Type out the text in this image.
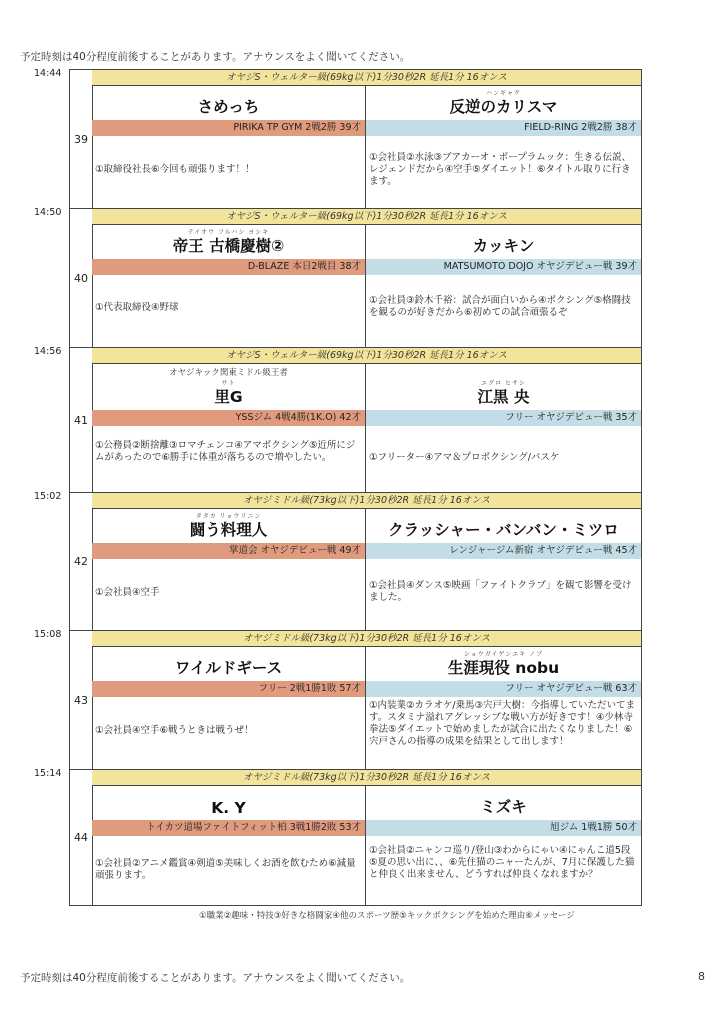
予定時刻は40分程度前後することがあります。アナウンスをよく聞いてください。
14:44
39
オヤジS・ウェルター級(69kg以下)1分30秒2R 延長1分 16オンス
さめっち
PIRIKA TP GYM 2戦2勝 39才
①取締役社長⑥今回も頑張ります！！
ハンギャク
反逆のカリスマ
FIELD-RING 2戦2勝 38才
①会社員②水泳③ブアカーオ・ポープラムック：生きる伝説、レジェンドだから④空手⑤ダイエット！⑥タイトル取りに行きます。
14:50
40
オヤジS・ウェルター級(69kg以下)1分30秒2R 延長1分 16オンス
テイオウ フルハシ ヨシキ
帝王 古橋慶樹②
D-BLAZE 本日2戦目 38才
①代表取締役④野球
カッキン
MATSUMOTO DOJO オヤジデビュー戦 39才
①会社員③鈴木千裕：試合が面白いから④ボクシング⑤格闘技を観るのが好きだから⑥初めての試合頑張るぞ
14:56
41
オヤジS・ウェルター級(69kg以下)1分30秒2R 延長1分 16オンス
オヤジキック関東ミドル級王者
サト
里G
YSSジム 4戦4勝(1K.O) 42才
①公務員②断捨離③ロマチェンコ④アマボクシング⑤近所にジムがあったので⑥勝手に体重が落ちるので増やしたい。
エグロ ヒサシ
江黒 央
フリー オヤジデビュー戦 35才
①フリーター④アマ＆プロボクシング/バスケ
15:02
42
オヤジミドル級(73kg以下)1分30秒2R 延長1分 16オンス
タタカ リョウリニン
闘う料理人
掌道会 オヤジデビュー戦 49才
①会社員④空手
クラッシャー・バンバン・ミツロ
レンジャージム新宿 オヤジデビュー戦 45才
①会社員④ダンス⑤映画「ファイトクラブ」を観て影響を受けました。
15:08
43
オヤジミドル級(73kg以下)1分30秒2R 延長1分 16オンス
ワイルドギース
フリー 2戦1勝1敗 57才
①会社員④空手⑥戦うときは戦うぜ！
ショウガイゲンエキ ノブ
生涯現役 nobu
フリー オヤジデビュー戦 63才
①内装業②カラオケ/乗馬③宍戸大樹：今指導していただいてます。スタミナ溢れアグレッシブな戦い方が好きです！④少林寺拳法⑤ダイエットで始めましたが試合に出たくなりました！⑥宍戸さんの指導の成果を結果として出します！
15:14
44
オヤジミドル級(73kg以下)1分30秒2R 延長1分 16オンス
K. Y
トイカツ道場ファイトフィット柏 3戦1勝2敗 53才
①会社員②アニメ鑑賞④剣道⑤美味しくお酒を飲むため⑥減量頑張ります。
ミズキ
旭ジム 1戦1勝 50才
①会社員②ニャンコ巡り/登山③わからにゃい④にゃんこ道5段⑤夏の思い出に、、⑥先住猫のニャーたんが、7月に保護した猫と仲良く出来ません、どうすれば仲良くなれますか？
①職業②趣味・特技③好きな格闘家④他のスポーツ歴⑤キックボクシングを始めた理由⑥メッセージ
予定時刻は40分程度前後することがあります。アナウンスをよく聞いてください。	8
